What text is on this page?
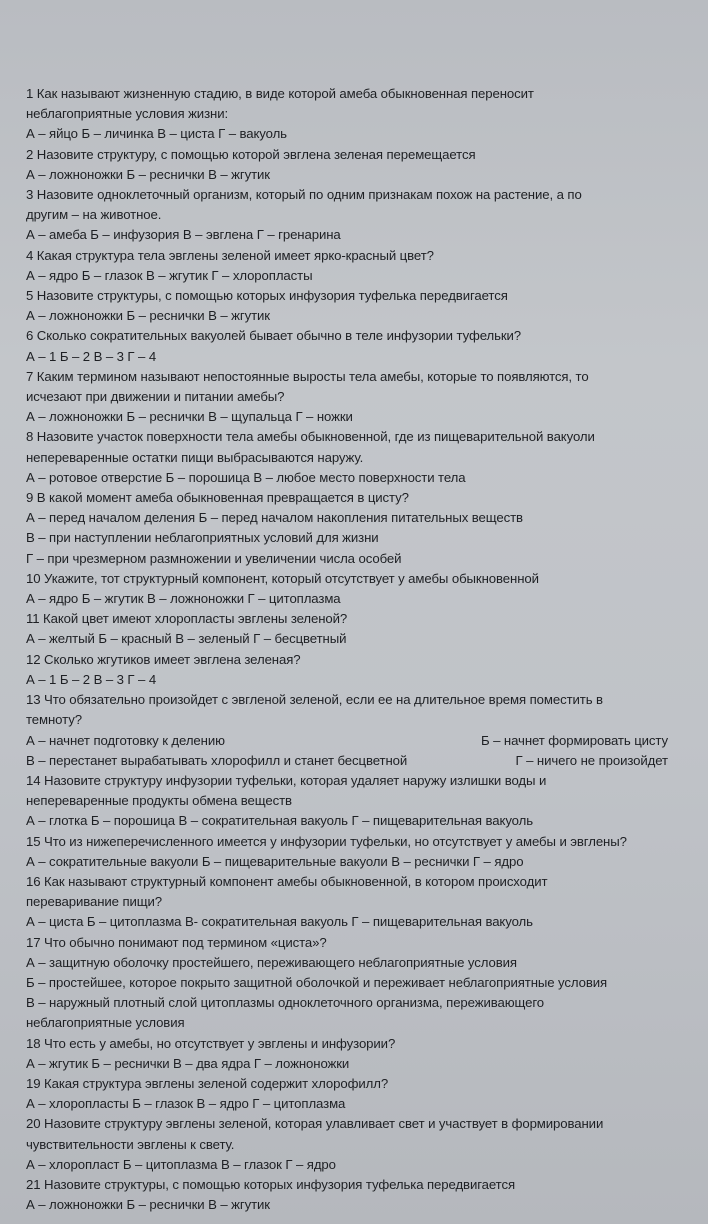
1 Как называют жизненную стадию, в виде которой амеба обыкновенная переносит
неблагоприятные условия жизни:
А – яйцо Б – личинка В – циста Г – вакуоль
2 Назовите структуру, с помощью которой эвглена зеленая перемещается
А – ложноножки Б – реснички В – жгутик
3 Назовите одноклеточный организм, который по одним признакам похож на растение, а по
другим – на животное.
А – амеба Б – инфузория В – эвглена Г – гренарина
4 Какая структура тела эвглены зеленой имеет ярко-красный цвет?
А – ядро Б – глазок В – жгутик Г – хлоропласты
5 Назовите структуры, с помощью которых инфузория туфелька передвигается
А – ложноножки Б – реснички В – жгутик
6 Сколько сократительных вакуолей бывает обычно в теле инфузории туфельки?
А – 1 Б – 2 В – 3 Г – 4
7 Каким термином называют непостоянные выросты тела амебы, которые то появляются, то
исчезают при движении и питании амебы?
А – ложноножки Б – реснички В – щупальца Г – ножки
8 Назовите участок поверхности тела амебы обыкновенной, где из пищеварительной вакуоли
непереваренные остатки пищи выбрасываются наружу.
А – ротовое отверстие Б – порошица В – любое место поверхности тела
9 В какой момент амеба обыкновенная превращается в цисту?
А – перед началом деления Б – перед началом накопления питательных веществ
В – при наступлении неблагоприятных условий для жизни
Г – при чрезмерном размножении и увеличении числа особей
10 Укажите, тот структурный компонент, который отсутствует у амебы обыкновенной
А – ядро Б – жгутик В – ложноножки Г – цитоплазма
11 Какой цвет имеют хлоропласты эвглены зеленой?
А – желтый Б – красный В – зеленый Г – бесцветный
12 Сколько жгутиков имеет эвглена зеленая?
А – 1 Б – 2 В – 3 Г – 4
13 Что обязательно произойдет с эвгленой зеленой, если ее на длительное время поместить в
темноту?
А – начнет подготовку к делению	Б – начнет формировать цисту
В – перестанет вырабатывать хлорофилл и станет бесцветной	Г – ничего не произойдет
14 Назовите структуру инфузории туфельки, которая удаляет наружу излишки воды и
непереваренные продукты обмена веществ
А – глотка Б – порошица В – сократительная вакуоль Г – пищеварительная вакуоль
15 Что из нижеперечисленного имеется у инфузории туфельки, но отсутствует у амебы и эвглены?
А – сократительные вакуоли Б – пищеварительные вакуоли В – реснички Г – ядро
16 Как называют структурный компонент амебы обыкновенной, в котором происходит
переваривание пищи?
А – циста Б – цитоплазма В- сократительная вакуоль Г – пищеварительная вакуоль
17 Что обычно понимают под термином «циста»?
А – защитную оболочку простейшего, переживающего неблагоприятные условия
Б – простейшее, которое покрыто защитной оболочкой и переживает неблагоприятные условия
В – наружный плотный слой цитоплазмы одноклеточного организма, переживающего
неблагоприятные условия
18 Что есть у амебы, но отсутствует у эвглены и инфузории?
А – жгутик Б – реснички В – два ядра Г – ложноножки
19 Какая структура эвглены зеленой содержит хлорофилл?
А – хлоропласты Б – глазок В – ядро Г – цитоплазма
20 Назовите структуру эвглены зеленой, которая улавливает свет и участвует в формировании
чувствительности эвглены к свету.
А – хлоропласт Б – цитоплазма В – глазок Г – ядро
21 Назовите структуры, с помощью которых инфузория туфелька передвигается
А – ложноножки Б – реснички В – жгутик
